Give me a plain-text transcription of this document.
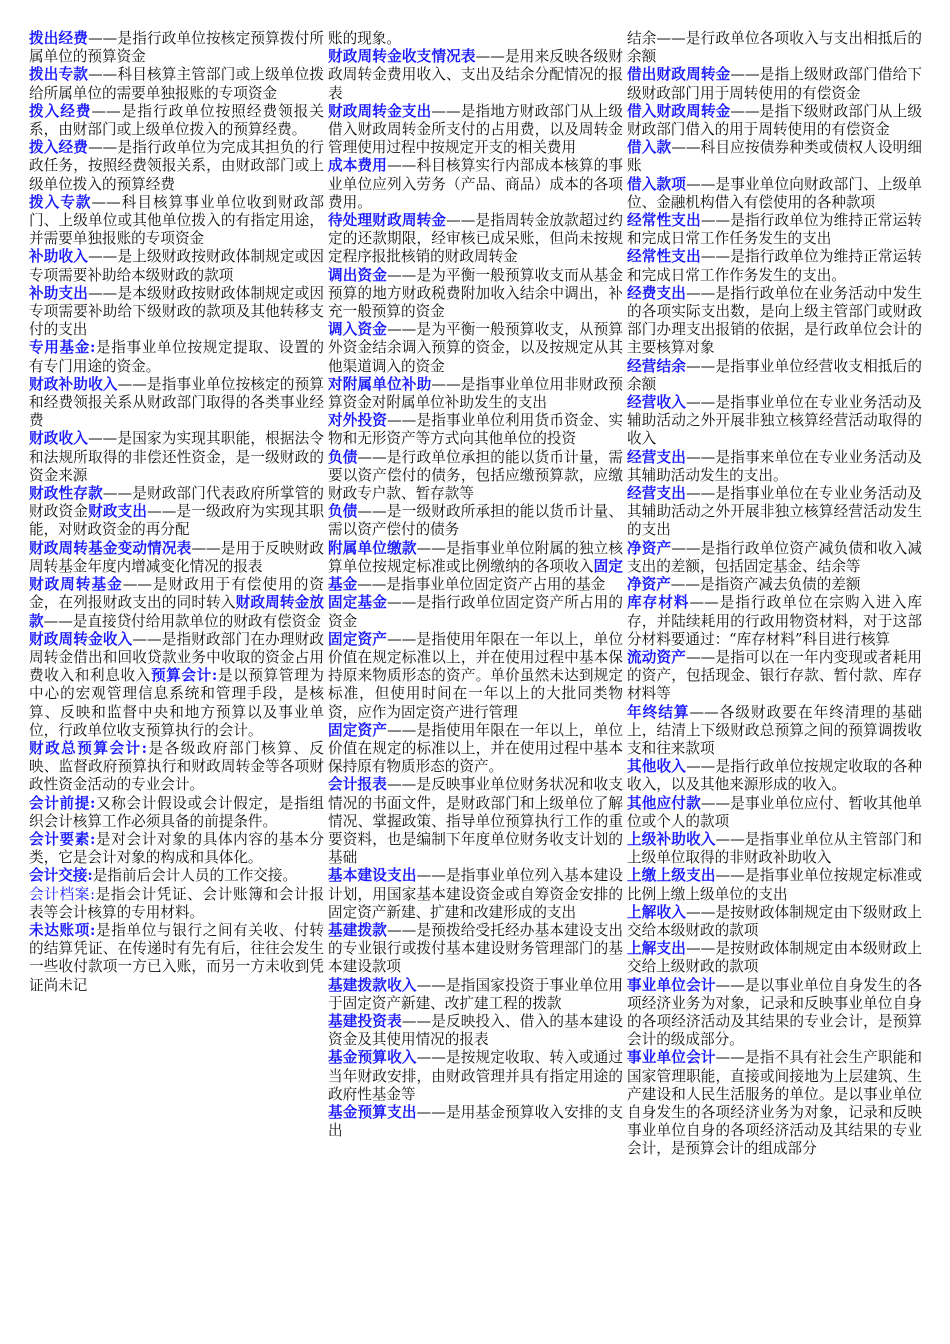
拨出经费——是指行政单位按核定预算拨付所属单位的预算资金

拨出专款——科目核算主管部门或上级单位拨给所属单位的需要单独报账的专项资金

拨入经费——是指行政单位按照经费领报关系，由财部门或上级单位拨入的预算经费。

拨入经费——是指行政单位为完成其担负的行政任务，按照经费领报关系，由财政部门或上级单位拨入的预算经费

拨入专款——科目核算事业单位收到财政部门、上级单位或其他单位拨入的有指定用途，并需要单独报账的专项资金

补助收入——是上级财政按财政体制规定或因专项需要补助给本级财政的款项

补助支出——是本级财政按财政体制规定或因专项需要补助给下级财政的款项及其他转移支付的支出

专用基金:是指事业单位按规定提取、设置的有专门用途的资金。

财政补助收入——是指事业单位按核定的预算和经费领报关系从财政部门取得的各类事业经费

财政收入——是国家为实现其职能，根据法令和法规所取得的非偿还性资金，是一级财政的资金来源

财政性存款——是财政部门代表政府所掌管的财政资金财政支出——是一级政府为实现其职能，对财政资金的再分配

财政周转基金变动情况表——是用于反映财政周转基金年度内增减变化情况的报表

财政周转基金——是财政用于有偿使用的资金，在列报财政支出的同时转入财政周转金放款——是直接贷付给用款单位的财政有偿资金

财政周转金收入——是指财政部门在办理财政周转金借出和回收贷款业务中收取的资金占用费收入和利息收入预算会计:是以预算管理为中心的宏观管理信息系统和管理手段，是核算、反映和监督中央和地方预算以及事业单位，行政单位收支预算执行的会计。

财政总预算会计:是各级政府部门核算、反映、监督政府预算执行和财政周转金等各项财政性资金活动的专业会计。

会计前提:又称会计假设或会计假定，是指组织会计核算工作必须具备的前提条件。

会计要素:是对会计对象的具体内容的基本分类，它是会计对象的构成和具体化。

会计交接:是指前后会计人员的工作交接。

会计档案:是指会计凭证、会计账簿和会计报表等会计核算的专用材料。

未达账项:是指单位与银行之间有关收、付转的结算凭证、在传递时有先有后，往往会发生一些收付款项一方已入账，而另一方未收到凭证尚未记

账的现象。

财政周转金收支情况表——是用来反映各级财政周转金费用收入、支出及结余分配情况的报表

财政周转金支出——是指地方财政部门从上级借入财政周转金所支付的占用费，以及周转金管理使用过程中按规定开支的相关费用

成本费用——科目核算实行内部成本核算的事业单位应列入劳务（产品、商品）成本的各项费用。

待处理财政周转金——是指周转金放款超过约定的还款期限，经审核已成呆账，但尚未按规定程序报批核销的财政周转金

调出资金——是为平衡一般预算收支而从基金预算的地方财政税费附加收入结余中调出，补充一般预算的资金

调入资金——是为平衡一般预算收支，从预算外资金结余调入预算的资金，以及按规定从其他渠道调入的资金

对附属单位补助——是指事业单位用非财政预算资金对附属单位补助发生的支出

对外投资——是指事业单位利用货币资金、实物和无形资产等方式向其他单位的投资

负债——是行政单位承担的能以货币计量，需要以资产偿付的债务，包括应缴预算款，应缴财政专户款、暂存款等

负债——是一级财政所承担的能以货币计量、需以资产偿付的债务

附属单位缴款——是指事业单位附属的独立核算单位按规定标准或比例缴纳的各项收入固定基金——是指事业单位固定资产占用的基金

固定基金——是指行政单位固定资产所占用的资金

固定资产——是指使用年限在一年以上，单位价值在规定标准以上，并在使用过程中基本保持原来物质形态的资产。单价虽然未达到规定标准，但使用时间在一年以上的大批同类物资，应作为固定资产进行管理

固定资产——是指使用年限在一年以上，单位价值在规定的标准以上，并在使用过程中基本保持原有物质形态的资产。

会计报表——是反映事业单位财务状况和收支情况的书面文件，是财政部门和上级单位了解情况、掌握政策、指导单位预算执行工作的重要资料，也是编制下年度单位财务收支计划的基础

基本建设支出——是指事业单位列入基本建设计划，用国家基本建设资金或自筹资金安排的固定资产新建、扩建和改建形成的支出

基建拨款——是预拨给受托经办基本建设支出的专业银行或拨付基本建设财务管理部门的基本建设款项

基建拨款收入——是指国家投资于事业单位用于固定资产新建、改扩建工程的拨款

基建投资表——是反映投入、借入的基本建设资金及其使用情况的报表

基金预算收入——是按规定收取、转入或通过当年财政安排，由财政管理并具有指定用途的政府性基金等

基金预算支出——是用基金预算收入安排的支出

结余——是行政单位各项收入与支出相抵后的余额

借出财政周转金——是指上级财政部门借给下级财政部门用于周转使用的有偿资金

借入财政周转金——是指下级财政部门从上级财政部门借入的用于周转使用的有偿资金

借入款——科目应按债券种类或债权人设明细账

借入款项——是事业单位向财政部门、上级单位、金融机构借入有偿使用的各种款项

经常性支出——是指行政单位为维持正常运转和完成日常工作任务发生的支出

经常性支出——是指行政单位为维持正常运转和完成日常工作作务发生的支出。

经费支出——是指行政单位在业务活动中发生的各项实际支出数，是向上级主管部门或财政部门办理支出报销的依据，是行政单位会计的主要核算对象

经营结余——是指事业单位经营收支相抵后的余额

经营收入——是指事业单位在专业业务活动及辅助活动之外开展非独立核算经营活动取得的收入

经营支出——是指事来单位在专业业务活动及其辅助活动发生的支出。

经营支出——是指事业单位在专业业务活动及其辅助活动之外开展非独立核算经营活动发生的支出

净资产——是指行政单位资产减负债和收入减支出的差额，包括固定基金、结余等

净资产——是指资产减去负债的差额

库存材料——是指行政单位在宗购入进入库存，并陆续耗用的行政用物资材料，对于这部分材料要通过：“库存材料”科目进行核算

流动资产——是指可以在一年内变现或者耗用的资产，包括现金、银行存款、暂付款、库存材料等

年终结算——各级财政要在年终清理的基础上，结清上下级财政总预算之间的预算调拨收支和往来款项

其他收入——是指行政单位按规定收取的各种收入，以及其他来源形成的收入。

其他应付款——是事业单位应付、暂收其他单位或个人的款项

上级补助收入——是指事业单位从主管部门和上级单位取得的非财政补助收入

上缴上级支出——是指事业单位按规定标准或比例上缴上级单位的支出

上解收入——是按财政体制规定由下级财政上交给本级财政的款项

上解支出——是按财政体制规定由本级财政上交给上级财政的款项

事业单位会计——是以事业单位自身发生的各项经济业务为对象，记录和反映事业单位自身的各项经济活动及其结果的专业会计，是预算会计的级成部分。

事业单位会计——是指不具有社会生产职能和国家管理职能，直接或间接地为上层建筑、生产建设和人民生活服务的单位。是以事业单位自身发生的各项经济业务为对象，记录和反映事业单位自身的各项经济活动及其结果的专业会计，是预算会计的组成部分
